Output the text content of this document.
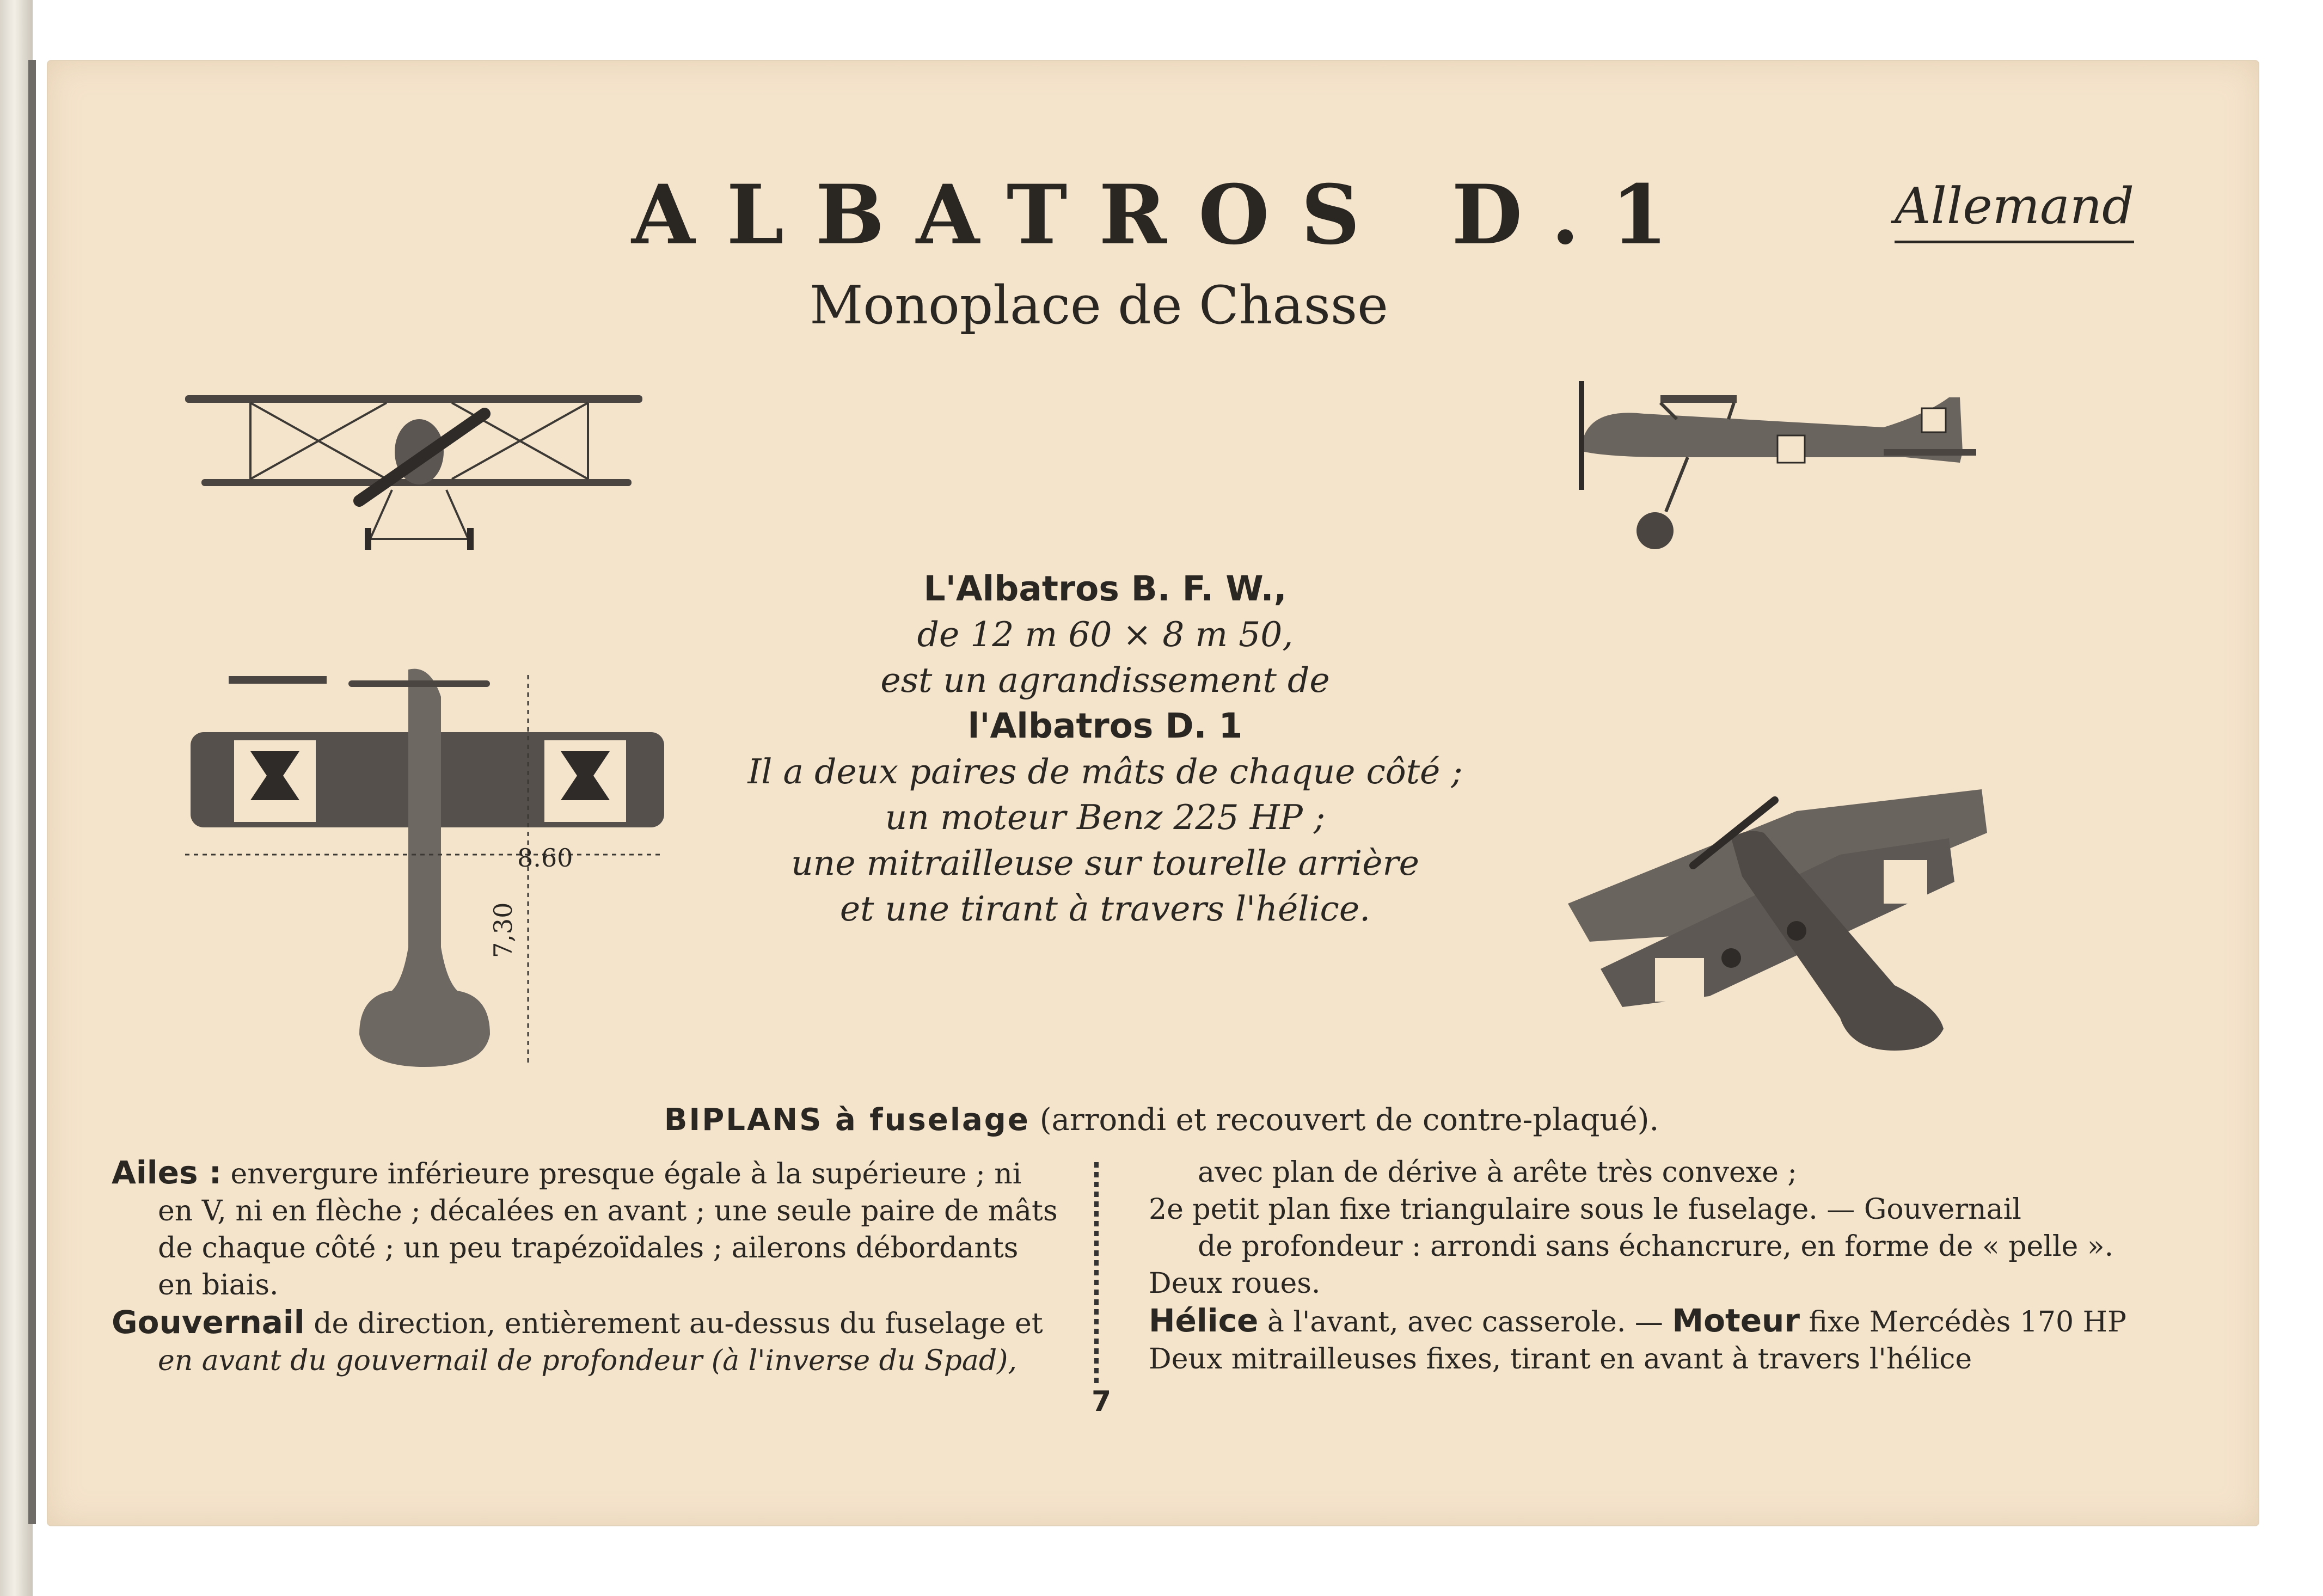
ALBATROS D.1
Monoplace de Chasse
Allemand
8.60
7,30
L'Albatros B. F. W.,
de 12 m 60 × 8 m 50,
est un agrandissement de
l'Albatros D. 1
Il a deux paires de mâts de chaque côté ;
un moteur Benz 225 HP ;
une mitrailleuse sur tourelle arrière
et une tirant à travers l'hélice.
BIPLANS à fuselage (arrondi et recouvert de contre-plaqué).
Ailes : envergure inférieure presque égale à la supérieure ; ni
en V, ni en flèche ; décalées en avant ; une seule paire de mâts
de chaque côté ; un peu trapézoïdales ; ailerons débordants
en biais.
Gouvernail de direction, entièrement au-dessus du fuselage et
en avant du gouvernail de profondeur (à l'inverse du Spad),
7
avec plan de dérive à arête très convexe ;
2e petit plan fixe triangulaire sous le fuselage. — Gouvernail
de profondeur : arrondi sans échancrure, en forme de « pelle ».
Deux roues.
Hélice à l'avant, avec casserole. — Moteur fixe Mercédès 170 HP
Deux mitrailleuses fixes, tirant en avant à travers l'hélice
